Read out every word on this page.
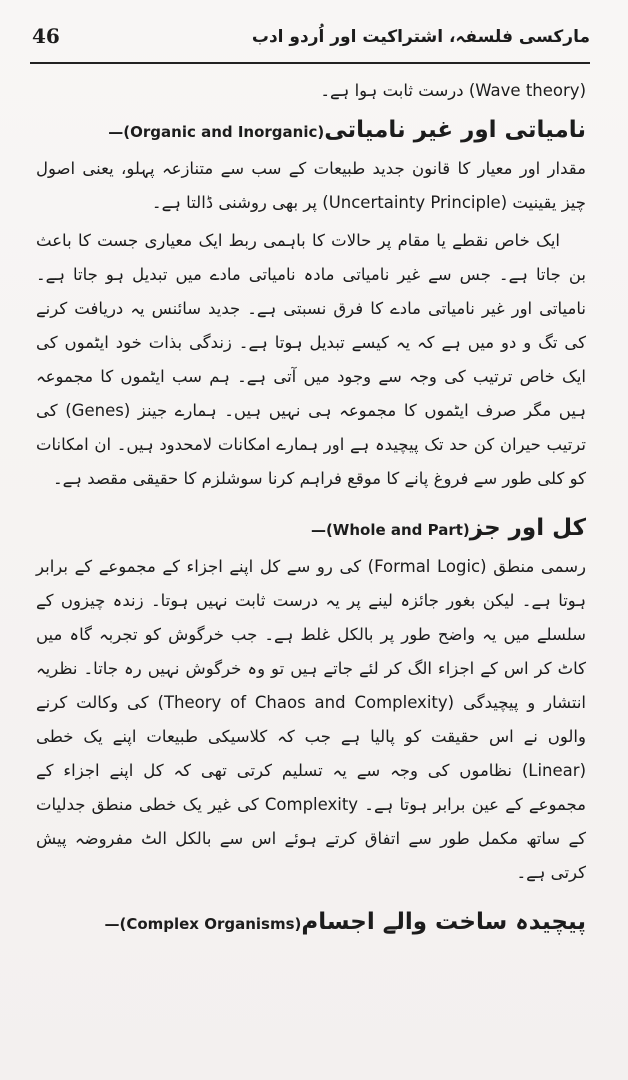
46	مارکسی فلسفہ، اشتراکیت اور اُردو ادب

(Wave theory) درست ثابت ہوا ہے۔

نامیاتی اور غیر نامیاتی(Organic and Inorganic)—

مقدار اور معیار کا قانون جدید طبیعات کے سب سے متنازعہ پہلو، یعنی اصول چیز یقینیت (Uncertainty Principle) پر بھی روشنی ڈالتا ہے۔

ایک خاص نقطے یا مقام پر حالات کا باہمی ربط ایک معیاری جست کا باعث بن جاتا ہے۔ جس سے غیر نامیاتی مادہ نامیاتی مادے میں تبدیل ہو جاتا ہے۔ نامیاتی اور غیر نامیاتی مادے کا فرق نسبتی ہے۔ جدید سائنس یہ دریافت کرنے کی تگ و دو میں ہے کہ یہ کیسے تبدیل ہوتا ہے۔ زندگی بذات خود ایٹموں کی ایک خاص ترتیب کی وجہ سے وجود میں آتی ہے۔ ہم سب ایٹموں کا مجموعہ ہیں مگر صرف ایٹموں کا مجموعہ ہی نہیں ہیں۔ ہمارے جینز (Genes) کی ترتیب حیران کن حد تک پیچیدہ ہے اور ہمارے امکانات لامحدود ہیں۔ ان امکانات کو کلی طور سے فروغ پانے کا موقع فراہم کرنا سوشلزم کا حقیقی مقصد ہے۔

کل اور جز(Whole and Part)—

رسمی منطق (Formal Logic) کی رو سے کل اپنے اجزاء کے مجموعے کے برابر ہوتا ہے۔ لیکن بغور جائزہ لینے پر یہ درست ثابت نہیں ہوتا۔ زندہ چیزوں کے سلسلے میں یہ واضح طور پر بالکل غلط ہے۔ جب خرگوش کو تجربہ گاہ میں کاٹ کر اس کے اجزاء الگ کر لئے جاتے ہیں تو وہ خرگوش نہیں رہ جاتا۔ نظریہ انتشار و پیچیدگی (Theory of Chaos and Complexity) کی وکالت کرنے والوں نے اس حقیقت کو پالیا ہے جب کہ کلاسیکی طبیعات اپنے یک خطی (Linear) نظاموں کی وجہ سے یہ تسلیم کرتی تھی کہ کل اپنے اجزاء کے مجموعے کے عین برابر ہوتا ہے۔ Complexity کی غیر یک خطی منطق جدلیات کے ساتھ مکمل طور سے اتفاق کرتے ہوئے اس سے بالکل الٹ مفروضہ پیش کرتی ہے۔

پیچیدہ ساخت والے اجسام(Complex Organisms)—
